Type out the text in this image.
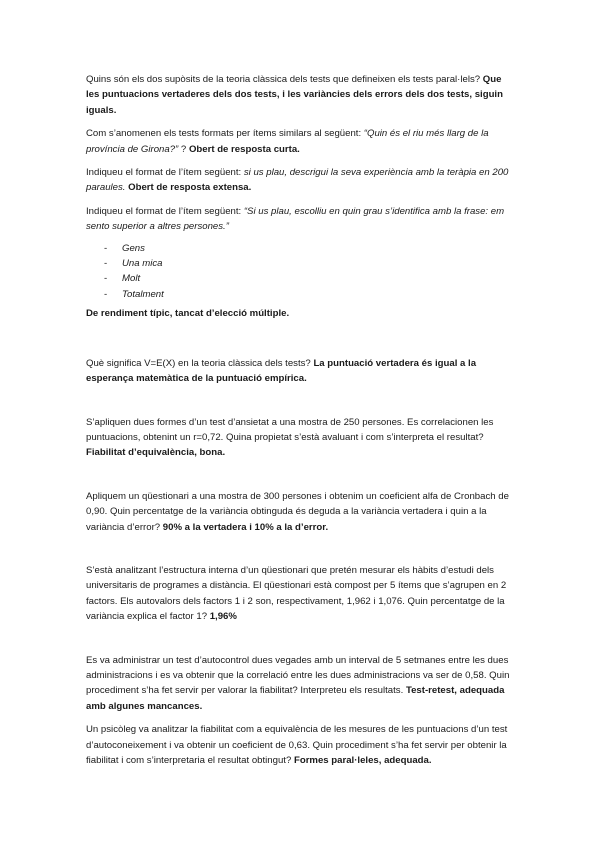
Quins són els dos supòsits de la teoria clàssica dels tests que defineixen els tests paral·lels? Que les puntuacions vertaderes dels dos tests, i les variàncies dels errors dels dos tests, siguin iguals.

Com s’anomenen els tests formats per ítems similars al següent: “Quin és el riu més llarg de la província de Girona?” ? Obert de resposta curta.

Indiqueu el format de l’ítem següent: si us plau, descrigui la seva experiència amb la teràpia en 200 paraules. Obert de resposta extensa.

Indiqueu el format de l’ítem següent: “Si us plau, escolliu en quin grau s’identifica amb la frase: em sento superior a altres persones.”

- Gens
- Una mica
- Molt
- Totalment

De rendiment típic, tancat d’elecció múltiple.

Què significa V=E(X) en la teoria clàssica dels tests? La puntuació vertadera és igual a la esperança matemàtica de la puntuació empírica.

S’apliquen dues formes d’un test d’ansietat a una mostra de 250 persones. Es correlacionen les puntuacions, obtenint un r=0,72. Quina propietat s’està avaluant i com s’interpreta el resultat? Fiabilitat d’equivalència, bona.

Apliquem un qüestionari a una mostra de 300 persones i obtenim un coeficient alfa de Cronbach de 0,90. Quin percentatge de la variància obtinguda és deguda a la variància vertadera i quin a la variància d’error? 90% a la vertadera i 10% a la d’error.

S’està analitzant l’estructura interna d’un qüestionari que pretén mesurar els hàbits d’estudi dels universitaris de programes a distància. El qüestionari està compost per 5 ítems que s’agrupen en 2 factors. Els autovalors dels factors 1 i 2 son, respectivament, 1,962 i 1,076. Quin percentatge de la variància explica el factor 1? 1,96%

Es va administrar un test d’autocontrol dues vegades amb un interval de 5 setmanes entre les dues administracions i es va obtenir que la correlació entre les dues administracions va ser de 0,58. Quin procediment s’ha fet servir per valorar la fiabilitat? Interpreteu els resultats. Test-retest, adequada amb algunes mancances.

Un psicòleg va analitzar la fiabilitat com a equivalència de les mesures de les puntuacions d’un test d’autoconeixement i va obtenir un coeficient de 0,63. Quin procediment s’ha fet servir per obtenir la fiabilitat i com s’interpretaria el resultat obtingut? Formes paral·leles, adequada.
